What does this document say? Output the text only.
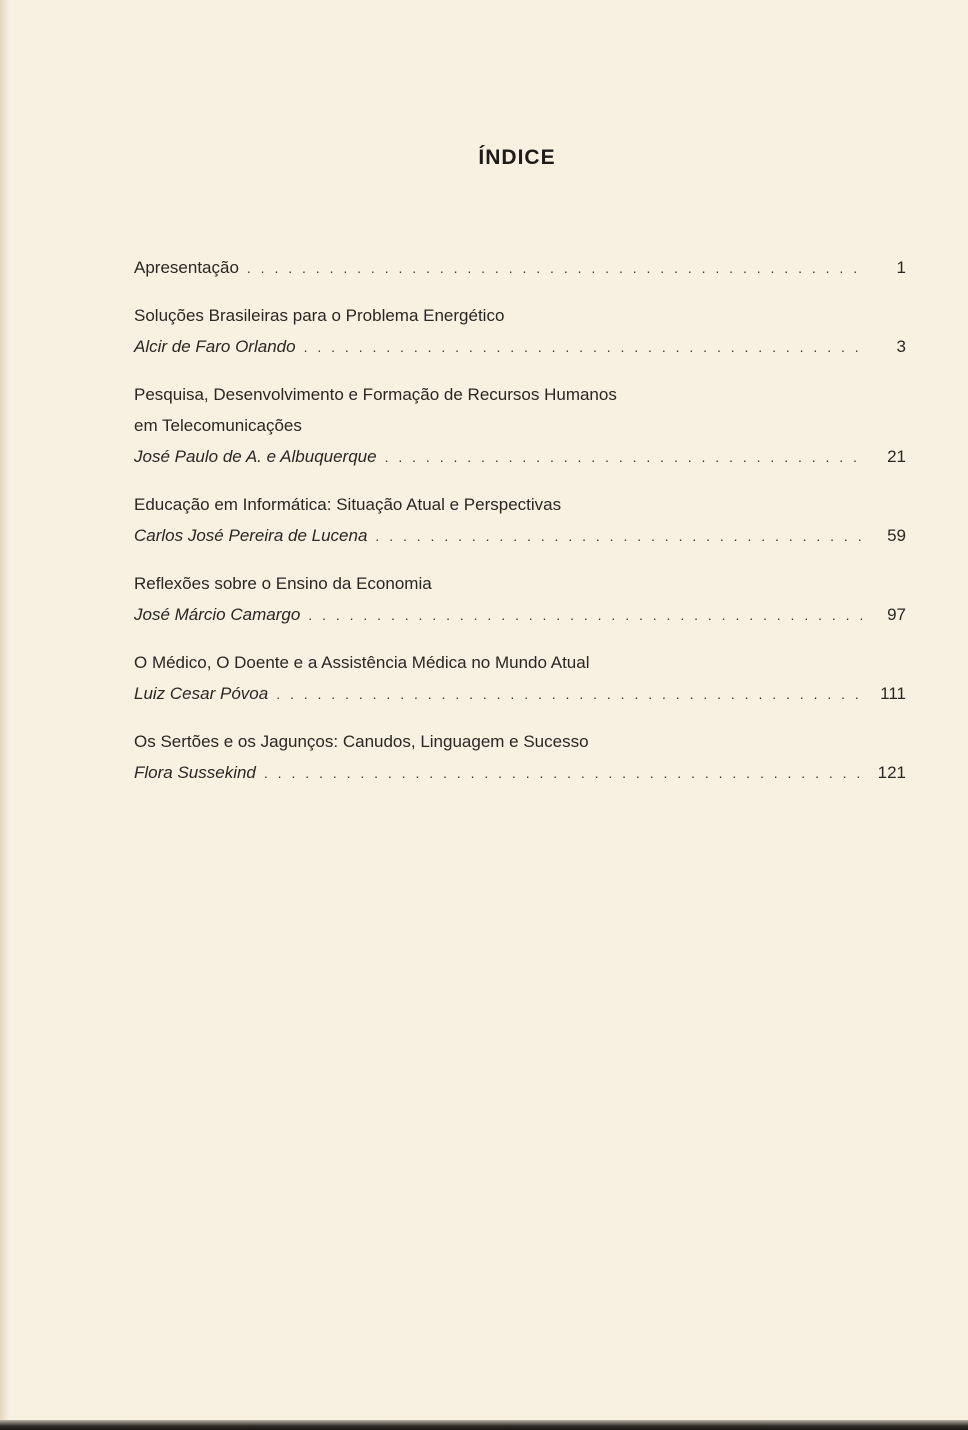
ÍNDICE
Apresentação . . .	1
Soluções Brasileiras para o Problema Energético
Alcir de Faro Orlando . . .	3
Pesquisa, Desenvolvimento e Formação de Recursos Humanos
em Telecomunicações
José Paulo de A. e Albuquerque . . .	21
Educação em Informática: Situação Atual e Perspectivas
Carlos José Pereira de Lucena . . .	59
Reflexões sobre o Ensino da Economia
José Márcio Camargo . . .	97
O Médico, O Doente e a Assistência Médica no Mundo Atual
Luiz Cesar Póvoa . . .	111
Os Sertões e os Jagunços: Canudos, Linguagem e Sucesso
Flora Sussekind . . .	121
